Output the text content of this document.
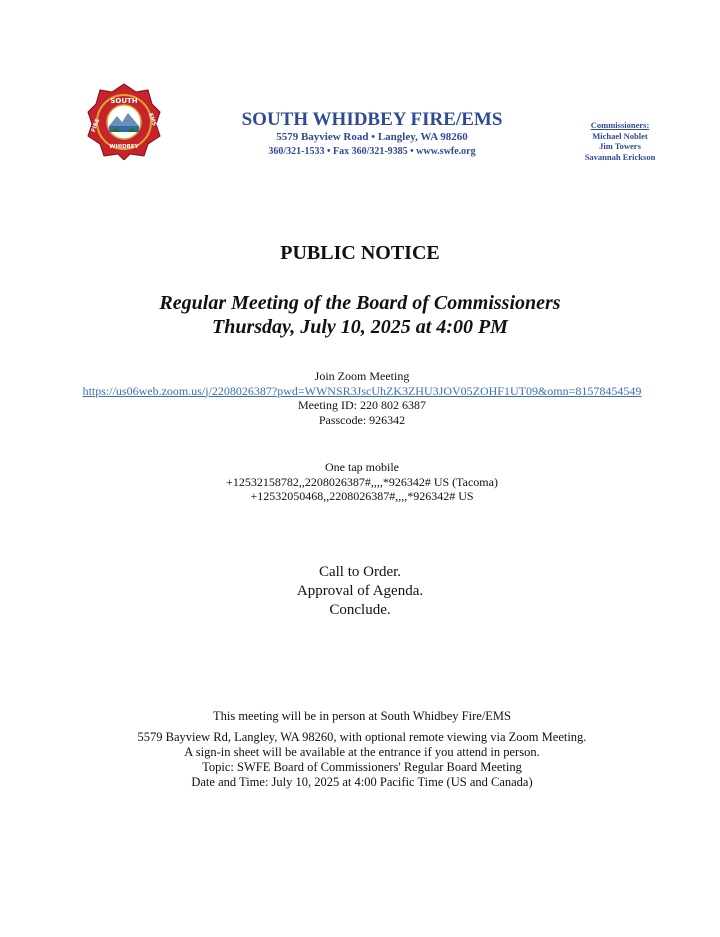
SOUTH
WHIDBEY
FIRE	EMS	SOUTH WHIDBEY FIRE/EMS
5579 Bayview Road • Langley, WA 98260
360/321-1533 • Fax 360/321-9385 • www.swfe.org
Commissioners:
Michael Noblet
Jim Towers
Savannah Erickson
PUBLIC NOTICE
Regular Meeting of the Board of Commissioners
Thursday, July 10, 2025 at 4:00 PM
Join Zoom Meeting
https://us06web.zoom.us/j/2208026387?pwd=WWNSR3JscUhZK3ZHU3JOV05ZOHF1UT09&omn=81578454549
Meeting ID: 220 802 6387
Passcode: 926342
One tap mobile
+12532158782,,2208026387#,,,,*926342# US (Tacoma)
+12532050468,,2208026387#,,,,*926342# US
Call to Order.
Approval of Agenda.
Conclude.
This meeting will be in person at South Whidbey Fire/EMS
5579 Bayview Rd, Langley, WA 98260, with optional remote viewing via Zoom Meeting.
A sign-in sheet will be available at the entrance if you attend in person.
Topic: SWFE Board of Commissioners' Regular Board Meeting
Date and Time: July 10, 2025 at 4:00 Pacific Time (US and Canada)
